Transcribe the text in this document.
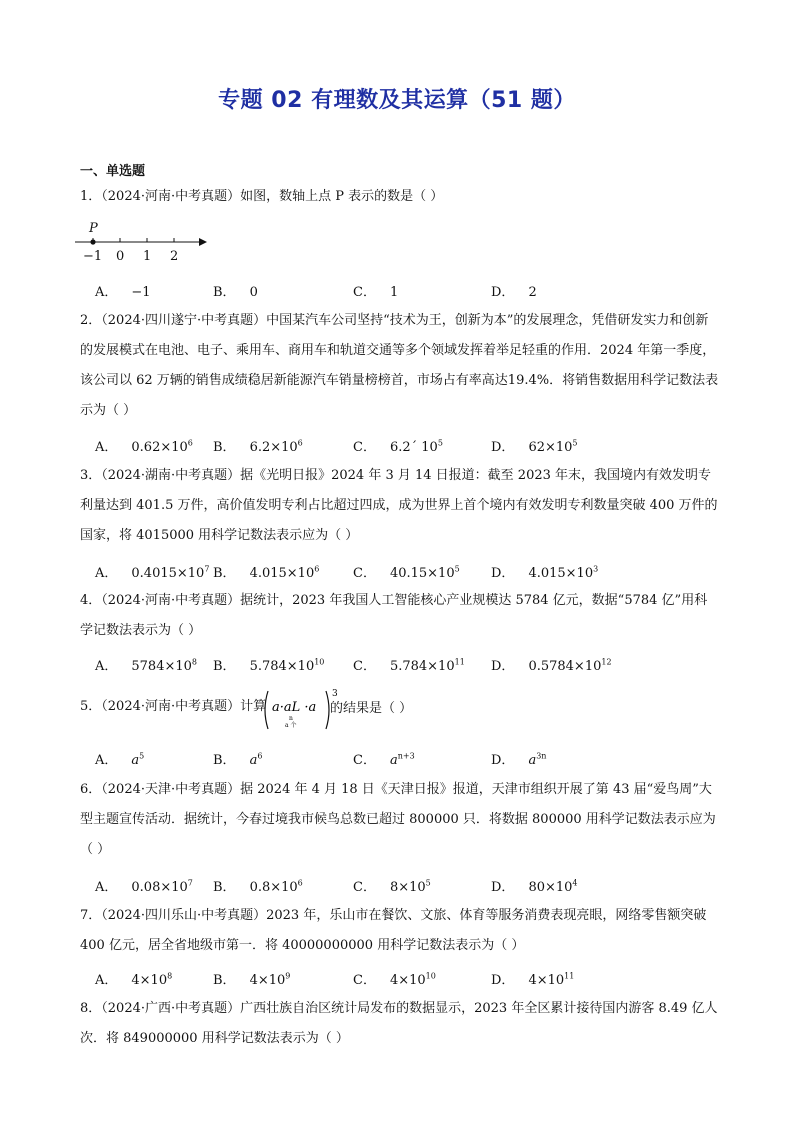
专题 02 有理数及其运算（51 题）
一、单选题
1．（2024·河南·中考真题）如图，数轴上点 P 表示的数是（ ）
P
−1 0 1 2
A． −1	B． 0	C． 1	D． 2
2．（2024·四川遂宁·中考真题）中国某汽车公司坚持“技术为王，创新为本”的发展理念，凭借研发实力和创新的发展模式在电池、电子、乘用车、商用车和轨道交通等多个领域发挥着举足轻重的作用．2024 年第一季度，该公司以 62 万辆的销售成绩稳居新能源汽车销量榜榜首，市场占有率高达19.4%．将销售数据用科学记数法表示为（ ）
A． $0.62\times 10^6$ B． $6.2\times 10^6$	C． 6.2´ $10^5$	D． $62\times 10^5$
3．（2024·湖南·中考真题）据《光明日报》2024 年 3 月 14 日报道：截至 2023 年末，我国境内有效发明专利量达到 401.5 万件，高价值发明专利占比超过四成，成为世界上首个境内有效发明专利数量突破 400 万件的国家，将 4015000 用科学记数法表示应为（ ）
A． $0.4015\times 10^7$ B． $4.015\times 10^6$	C． $40.15\times 10^5$ D． $4.015\times 10^3$
4．（2024·河南·中考真题）据统计，2023 年我国人工智能核心产业规模达 5784 亿元，数据“5784 亿”用科学记数法表示为（ ）
A． $5784\times 10^8$ B． $5.784\times 10^{10}$ C． $5.784\times 10^{11}$ D． $0.5784\times 10^{12}$
5．（2024·河南·中考真题）计算 a·aL ·a
3
n
a 个
的结果是（ ）
A． $a^5$	B． $a^6$	C． $a^{n+3}$	D． $a^{3n}$
6．（2024·天津·中考真题）据 2024 年 4 月 18 日《天津日报》报道，天津市组织开展了第 43 届“爱鸟周”大型主题宣传活动．据统计，今春过境我市候鸟总数已超过 800000 只．将数据 800000 用科学记数法表示应为（ ）
A． $0.08\times 10^7$ B． $0.8\times 10^6$	C． $8\times 10^5$	D． $80\times 10^4$
7．（2024·四川乐山·中考真题）2023 年，乐山市在餐饮、文旅、体育等服务消费表现亮眼，网络零售额突破 400 亿元，居全省地级市第一．将 40000000000 用科学记数法表示为（ ）
A． $4\times 10^8$	B． $4\times 10^9$	C． $4\times 10^{10}$	D． $4\times 10^{11}$
8．（2024·广西·中考真题）广西壮族自治区统计局发布的数据显示，2023 年全区累计接待国内游客 8.49 亿人次．将 849000000 用科学记数法表示为（ ）
